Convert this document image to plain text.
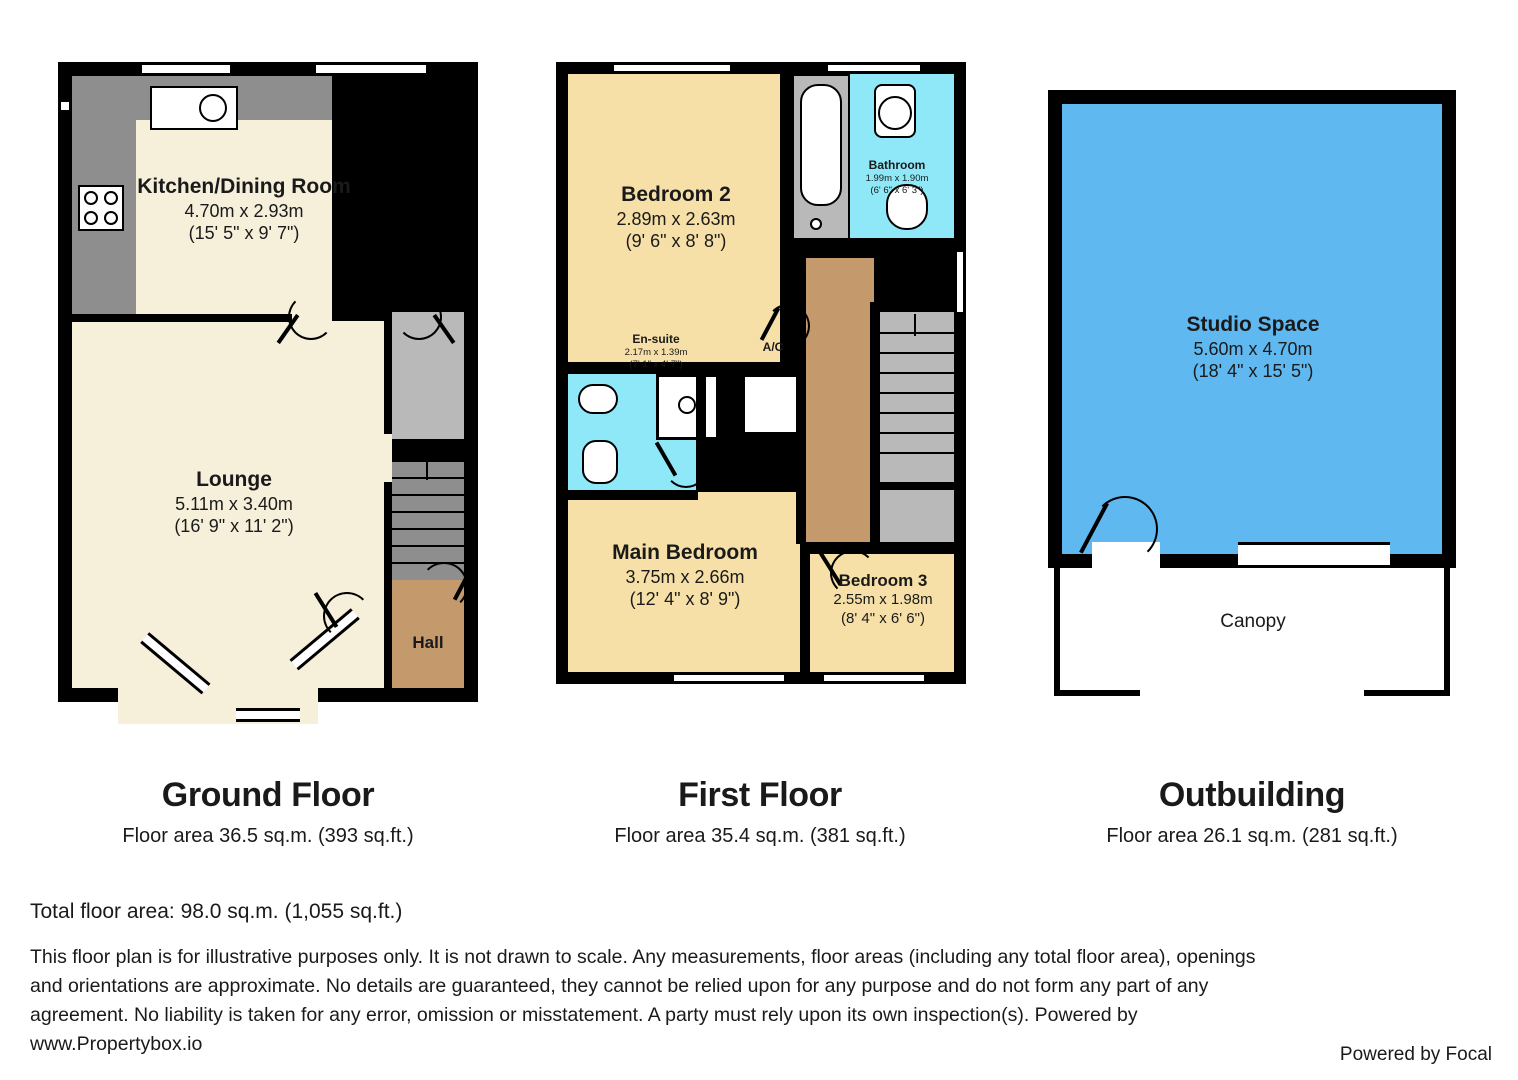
Kitchen/Dining Room
4.70m x 2.93m
(15' 5" x 9' 7")
Lounge
5.11m x 3.40m
(16' 9" x 11' 2")
Hall
Ground Floor
Floor area 36.5 sq.m. (393 sq.ft.)
Bedroom 2
2.89m x 2.63m
(9' 6" x 8' 8")
Bathroom
1.99m x 1.90m
(6' 6" x 6' 3")
En-suite
2.17m x 1.39m
(7' 1" x 4' 7")
A/C
Main Bedroom
3.75m x 2.66m
(12' 4" x 8' 9")
Bedroom 3
2.55m x 1.98m
(8' 4" x 6' 6")
First Floor
Floor area 35.4 sq.m. (381 sq.ft.)
Studio Space
5.60m x 4.70m
(18' 4" x 15' 5")
Canopy
Outbuilding
Floor area 26.1 sq.m. (281 sq.ft.)
Total floor area: 98.0 sq.m. (1,055 sq.ft.)
This floor plan is for illustrative purposes only. It is not drawn to scale. Any measurements, floor areas (including any total floor area), openings and orientations are approximate. No details are guaranteed, they cannot be relied upon for any purpose and do not form any part of any agreement. No liability is taken for any error, omission or misstatement. A party must rely upon its own inspection(s). Powered by www.Propertybox.io	Powered by Focal
